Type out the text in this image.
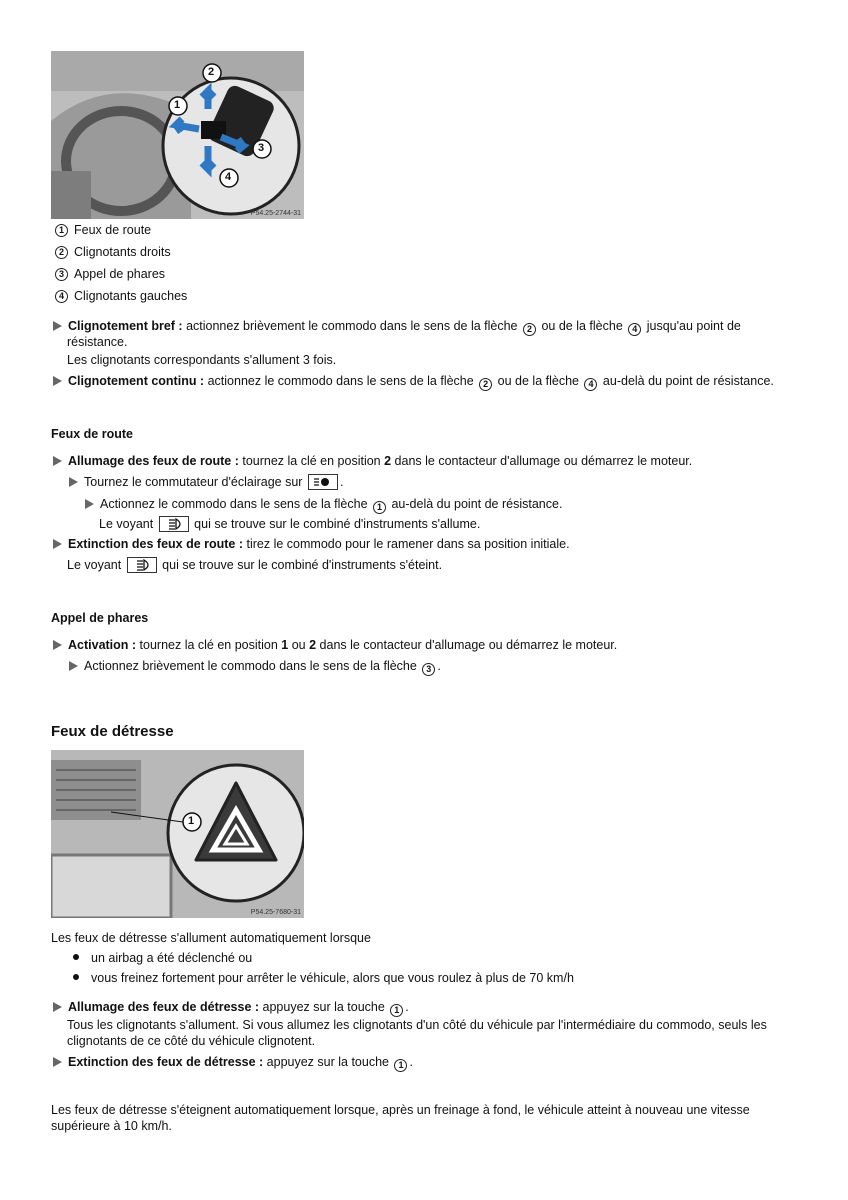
2
1
3
4
P54.25-2744-31
1 Feux de route
2 Clignotants droits
3 Appel de phares
4 Clignotants gauches
Clignotement bref : actionnez brièvement le commodo dans le sens de la flèche 2 ou de la flèche 4 jusqu'au point de
résistance.
Les clignotants correspondants s'allument 3 fois.
Clignotement continu : actionnez le commodo dans le sens de la flèche 2 ou de la flèche 4 au-delà du point de résistance.
Feux de route
Allumage des feux de route : tournez la clé en position 2 dans le contacteur d'allumage ou démarrez le moteur.
Tournez le commutateur d'éclairage sur	.
Actionnez le commodo dans le sens de la flèche 1 au-delà du point de résistance.
Le voyant	qui se trouve sur le combiné d'instruments s'allume.
Extinction des feux de route : tirez le commodo pour le ramener dans sa position initiale.
Le voyant	qui se trouve sur le combiné d'instruments s'éteint.
Appel de phares
Activation : tournez la clé en position 1 ou 2 dans le contacteur d'allumage ou démarrez le moteur.
Actionnez brièvement le commodo dans le sens de la flèche 3 .
Feux de détresse
1
P54.25-7680-31
Les feux de détresse s'allument automatiquement lorsque
un airbag a été déclenché ou
vous freinez fortement pour arrêter le véhicule, alors que vous roulez à plus de 70 km/h
Allumage des feux de détresse : appuyez sur la touche 1 .
Tous les clignotants s'allument. Si vous allumez les clignotants d'un côté du véhicule par l'intermédiaire du commodo, seuls les
clignotants de ce côté du véhicule clignotent.
Extinction des feux de détresse : appuyez sur la touche 1 .
Les feux de détresse s'éteignent automatiquement lorsque, après un freinage à fond, le véhicule atteint à nouveau une vitesse
supérieure à 10 km/h.
